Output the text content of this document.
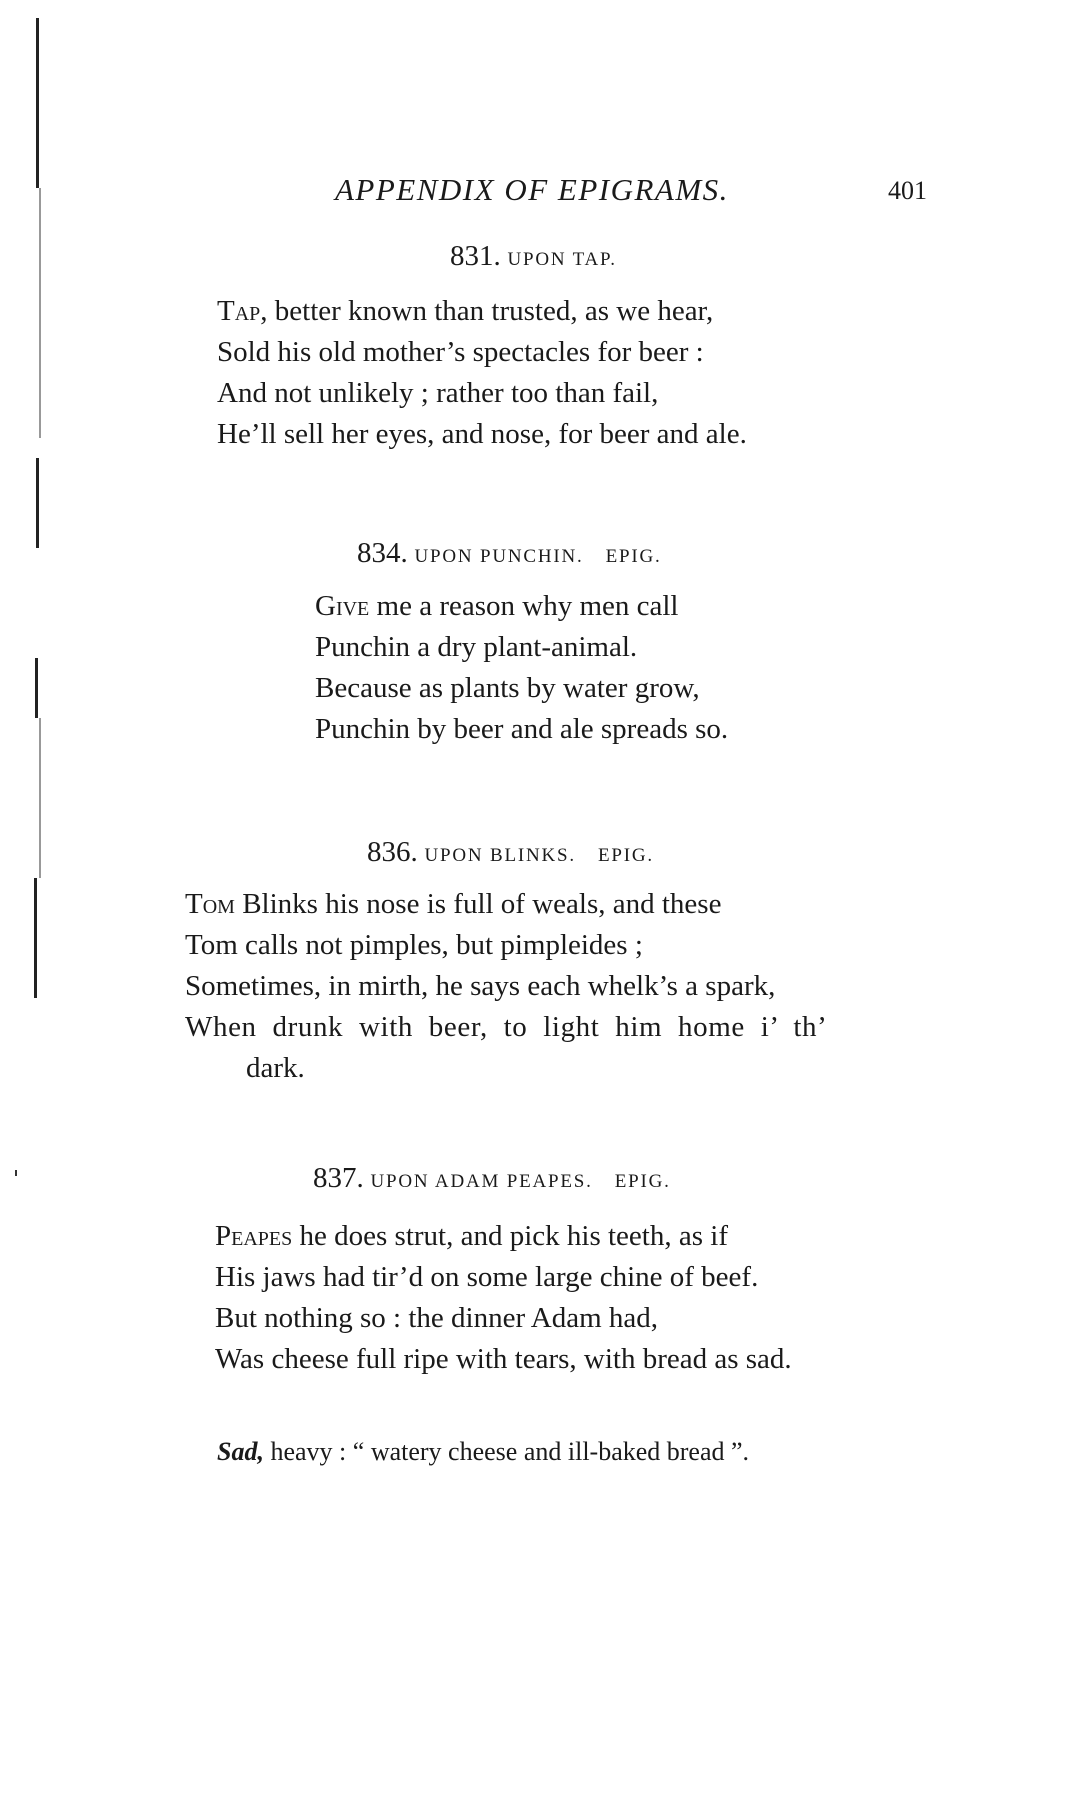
APPENDIX OF EPIGRAMS.	401
831. UPON TAP.
Tap, better known than trusted, as we hear,
Sold his old mother’s spectacles for beer :
And not unlikely ; rather too than fail,
He’ll sell her eyes, and nose, for beer and ale.
834. UPON PUNCHIN. EPIG.
Give me a reason why men call
Punchin a dry plant-animal.
Because as plants by water grow,
Punchin by beer and ale spreads so.
836. UPON BLINKS. EPIG.
Tom Blinks his nose is full of weals, and these
Tom calls not pimples, but pimpleides ;
Sometimes, in mirth, he says each whelk’s a spark,
When drunk with beer, to light him home i’ th’
dark.
837. UPON ADAM PEAPES. EPIG.
Peapes he does strut, and pick his teeth, as if
His jaws had tir’d on some large chine of beef.
But nothing so : the dinner Adam had,
Was cheese full ripe with tears, with bread as sad.
Sad, heavy : “ watery cheese and ill-baked bread ”.
